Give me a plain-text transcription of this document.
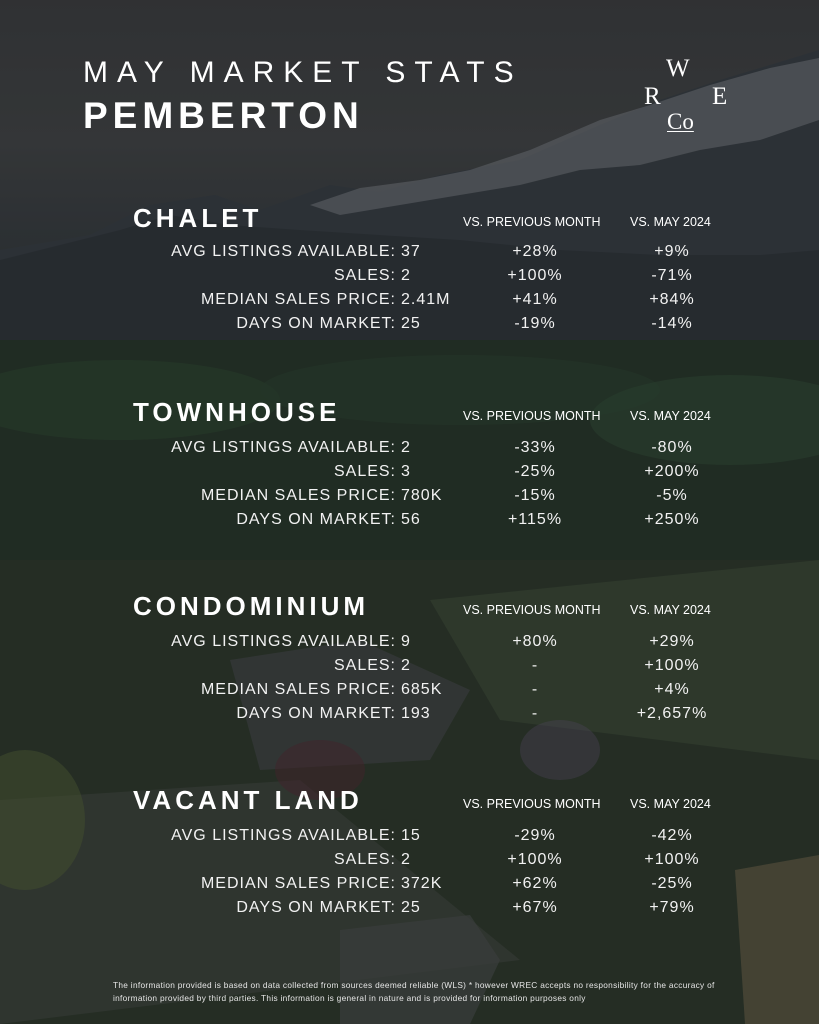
MAY MARKET STATS
PEMBERTON
W
R E
Co
CHALET	VS. PREVIOUS MONTH VS. MAY 2024
AVG LISTINGS AVAILABLE: 37	+28%	+9%
SALES: 2	+100%	-71%
MEDIAN SALES PRICE: 2.41M	+41%	+84%
DAYS ON MARKET: 25	-19%	-14%
TOWNHOUSE	VS. PREVIOUS MONTH VS. MAY 2024
AVG LISTINGS AVAILABLE: 2	-33%	-80%
SALES: 3	-25%	+200%
MEDIAN SALES PRICE: 780K	-15%	-5%
DAYS ON MARKET: 56	+115%	+250%
CONDOMINIUM	VS. PREVIOUS MONTH VS. MAY 2024
AVG LISTINGS AVAILABLE: 9	+80%	+29%
SALES: 2	-	+100%
MEDIAN SALES PRICE: 685K	-	+4%
DAYS ON MARKET: 193	-	+2,657%
VACANT LAND	VS. PREVIOUS MONTH VS. MAY 2024
AVG LISTINGS AVAILABLE: 15	-29%	-42%
SALES: 2	+100%	+100%
MEDIAN SALES PRICE: 372K	+62%	-25%
DAYS ON MARKET: 25	+67%	+79%
The information provided is based on data collected from sources deemed reliable (WLS) * however WREC accepts no responsibility for the accuracy of information provided by third parties. This information is general in nature and is provided for information purposes only
